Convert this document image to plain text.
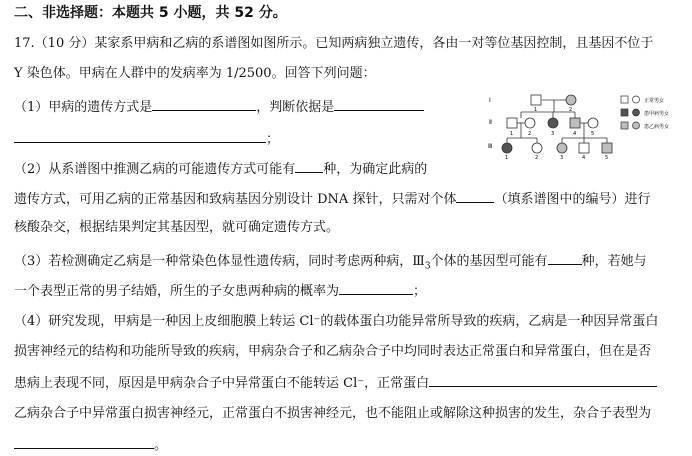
二、非选择题：本题共 5 小题，共 52 分。
17.（10 分）某家系甲病和乙病的系谱图如图所示。已知两病独立遗传，各由一对等位基因控制，且基因不位于
Y 染色体。甲病在人群中的发病率为 1/2500。回答下列问题：
（1）甲病的遗传方式是	，判断依据是
；
（2）从系谱图中推测乙病的可能遗传方式可能有 种，为确定此病的
遗传方式，可用乙病的正常基因和致病基因分别设计 DNA 探针，只需对个体	（填系谱图中的编号）进行
核酸杂交，根据结果判定其基因型，就可确定遗传方式。
（3）若检测确定乙病是一种常染色体显性遗传病，同时考虑两种病，$Ⅲ_3$个体的基因型可能有	种，若她与
一个表型正常的男子结婚，所生的子女患两种病的概率为	；
（4）研究发现，甲病是一种因上皮细胞膜上转运 Cl⁻的载体蛋白功能异常所导致的疾病，乙病是一种因异常蛋白
损害神经元的结构和功能所导致的疾病，甲病杂合子和乙病杂合子中均同时表达正常蛋白和异常蛋白，但在是否
患病上表现不同，原因是甲病杂合子中异常蛋白不能转运 Cl⁻，正常蛋白
乙病杂合子中异常蛋白损害神经元，正常蛋白不损害神经元，也不能阻止或解除这种损害的发生，杂合子表型为
。
Ⅰ
Ⅱ
Ⅲ
1	2
1	2	3	4	5
1	2	3	4	5
正常男女
患甲病男女
患乙病男女
